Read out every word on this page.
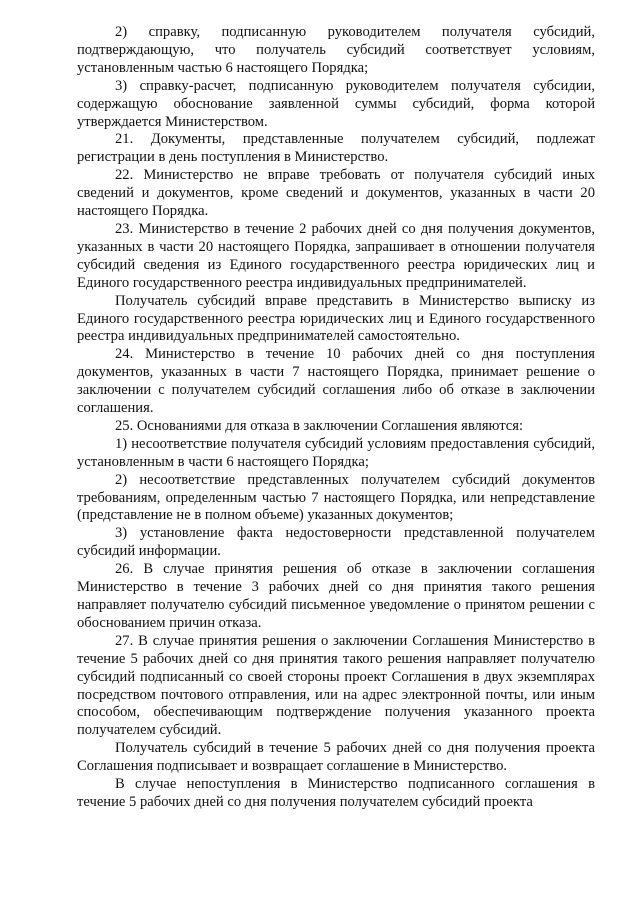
2) справку, подписанную руководителем получателя субсидий, подтверждающую, что получатель субсидий соответствует условиям, установленным частью 6 настоящего Порядка;

3) справку-расчет, подписанную руководителем получателя субсидии, содержащую обоснование заявленной суммы субсидий, форма которой утверждается Министерством.

21. Документы, представленные получателем субсидий, подлежат регистрации в день поступления в Министерство.

22. Министерство не вправе требовать от получателя субсидий иных сведений и документов, кроме сведений и документов, указанных в части 20 настоящего Порядка.

23. Министерство в течение 2 рабочих дней со дня получения документов, указанных в части 20 настоящего Порядка, запрашивает в отношении получателя субсидий сведения из Единого государственного реестра юридических лиц и Единого государственного реестра индивидуальных предпринимателей.

Получатель субсидий вправе представить в Министерство выписку из Единого государственного реестра юридических лиц и Единого государственного реестра индивидуальных предпринимателей самостоятельно.

24. Министерство в течение 10 рабочих дней со дня поступления документов, указанных в части 7 настоящего Порядка, принимает решение о заключении с получателем субсидий соглашения либо об отказе в заключении соглашения.

25. Основаниями для отказа в заключении Соглашения являются:

1) несоответствие получателя субсидий условиям предоставления субсидий, установленным в части 6 настоящего Порядка;

2) несоответствие представленных получателем субсидий документов требованиям, определенным частью 7 настоящего Порядка, или непредставление (представление не в полном объеме) указанных документов;

3) установление факта недостоверности представленной получателем субсидий информации.

26. В случае принятия решения об отказе в заключении соглашения Министерство в течение 3 рабочих дней со дня принятия такого решения направляет получателю субсидий письменное уведомление о принятом решении с обоснованием причин отказа.

27. В случае принятия решения о заключении Соглашения Министерство в течение 5 рабочих дней со дня принятия такого решения направляет получателю субсидий подписанный со своей стороны проект Соглашения в двух экземплярах посредством почтового отправления, или на адрес электронной почты, или иным способом, обеспечивающим подтверждение получения указанного проекта получателем субсидий.

Получатель субсидий в течение 5 рабочих дней со дня получения проекта Соглашения подписывает и возвращает соглашение в Министерство.

В случае непоступления в Министерство подписанного соглашения в течение 5 рабочих дней со дня получения получателем субсидий проекта
